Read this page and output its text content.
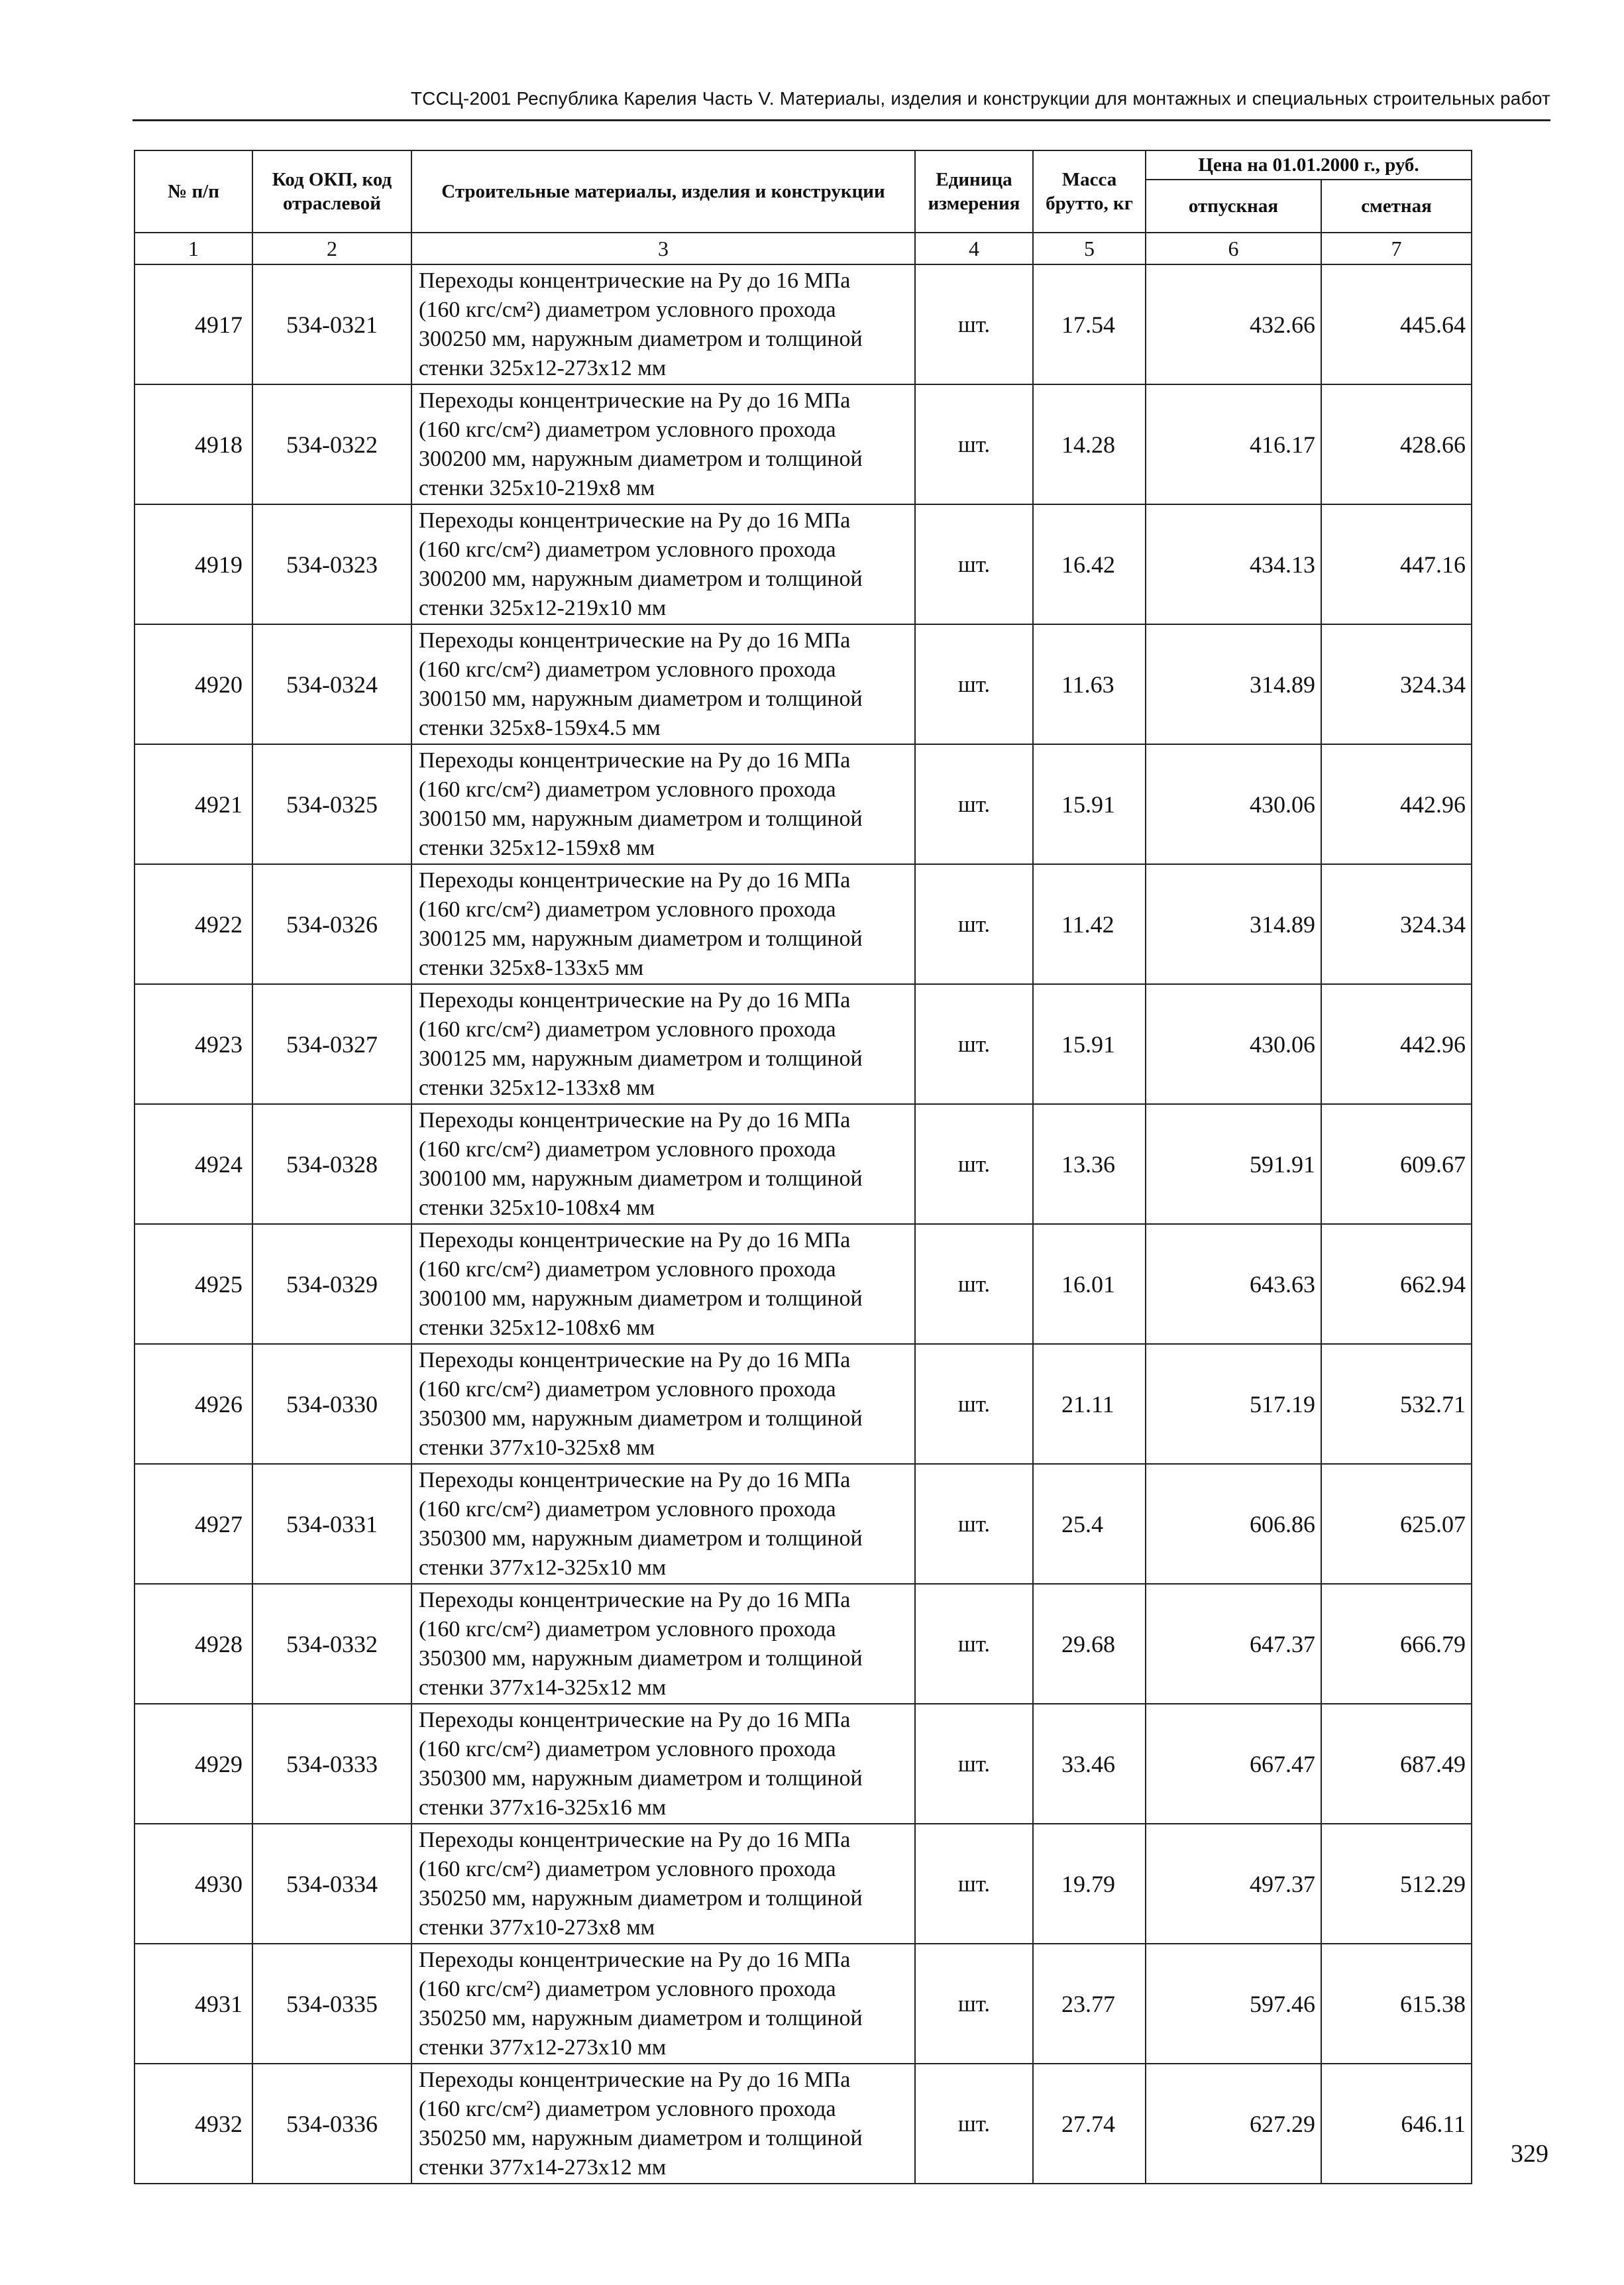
ТССЦ-2001 Республика Карелия Часть V. Материалы, изделия и конструкции для монтажных и специальных строительных работ
№ п/п	Код ОКП, код отраслевой	Строительные материалы, изделия и конструкции	Единица измерения	Масса брутто, кг	Цена на 01.01.2000 г., руб.	
					отпускная	сметная
1	2	3	4	5	6	7
4917	534-0321	Переходы концентрические на Ру до 16 МПа
(160 кгс/см²) диаметром условного прохода
300250 мм, наружным диаметром и толщиной
стенки 325х12-273х12 мм	шт.	17.54	432.66	445.64
4918	534-0322	Переходы концентрические на Ру до 16 МПа
(160 кгс/см²) диаметром условного прохода
300200 мм, наружным диаметром и толщиной
стенки 325х10-219х8 мм	шт.	14.28	416.17	428.66
4919	534-0323	Переходы концентрические на Ру до 16 МПа
(160 кгс/см²) диаметром условного прохода
300200 мм, наружным диаметром и толщиной
стенки 325х12-219х10 мм	шт.	16.42	434.13	447.16
4920	534-0324	Переходы концентрические на Ру до 16 МПа
(160 кгс/см²) диаметром условного прохода
300150 мм, наружным диаметром и толщиной
стенки 325х8-159х4.5 мм	шт.	11.63	314.89	324.34
4921	534-0325	Переходы концентрические на Ру до 16 МПа
(160 кгс/см²) диаметром условного прохода
300150 мм, наружным диаметром и толщиной
стенки 325х12-159х8 мм	шт.	15.91	430.06	442.96
4922	534-0326	Переходы концентрические на Ру до 16 МПа
(160 кгс/см²) диаметром условного прохода
300125 мм, наружным диаметром и толщиной
стенки 325х8-133х5 мм	шт.	11.42	314.89	324.34
4923	534-0327	Переходы концентрические на Ру до 16 МПа
(160 кгс/см²) диаметром условного прохода
300125 мм, наружным диаметром и толщиной
стенки 325х12-133х8 мм	шт.	15.91	430.06	442.96
4924	534-0328	Переходы концентрические на Ру до 16 МПа
(160 кгс/см²) диаметром условного прохода
300100 мм, наружным диаметром и толщиной
стенки 325х10-108х4 мм	шт.	13.36	591.91	609.67
4925	534-0329	Переходы концентрические на Ру до 16 МПа
(160 кгс/см²) диаметром условного прохода
300100 мм, наружным диаметром и толщиной
стенки 325х12-108х6 мм	шт.	16.01	643.63	662.94
4926	534-0330	Переходы концентрические на Ру до 16 МПа
(160 кгс/см²) диаметром условного прохода
350300 мм, наружным диаметром и толщиной
стенки 377х10-325х8 мм	шт.	21.11	517.19	532.71
4927	534-0331	Переходы концентрические на Ру до 16 МПа
(160 кгс/см²) диаметром условного прохода
350300 мм, наружным диаметром и толщиной
стенки 377х12-325х10 мм	шт.	25.4	606.86	625.07
4928	534-0332	Переходы концентрические на Ру до 16 МПа
(160 кгс/см²) диаметром условного прохода
350300 мм, наружным диаметром и толщиной
стенки 377х14-325х12 мм	шт.	29.68	647.37	666.79
4929	534-0333	Переходы концентрические на Ру до 16 МПа
(160 кгс/см²) диаметром условного прохода
350300 мм, наружным диаметром и толщиной
стенки 377х16-325х16 мм	шт.	33.46	667.47	687.49
4930	534-0334	Переходы концентрические на Ру до 16 МПа
(160 кгс/см²) диаметром условного прохода
350250 мм, наружным диаметром и толщиной
стенки 377х10-273х8 мм	шт.	19.79	497.37	512.29
4931	534-0335	Переходы концентрические на Ру до 16 МПа
(160 кгс/см²) диаметром условного прохода
350250 мм, наружным диаметром и толщиной
стенки 377х12-273х10 мм	шт.	23.77	597.46	615.38
4932	534-0336	Переходы концентрические на Ру до 16 МПа
(160 кгс/см²) диаметром условного прохода
350250 мм, наружным диаметром и толщиной
стенки 377х14-273х12 мм	шт.	27.74	627.29	646.11
329
